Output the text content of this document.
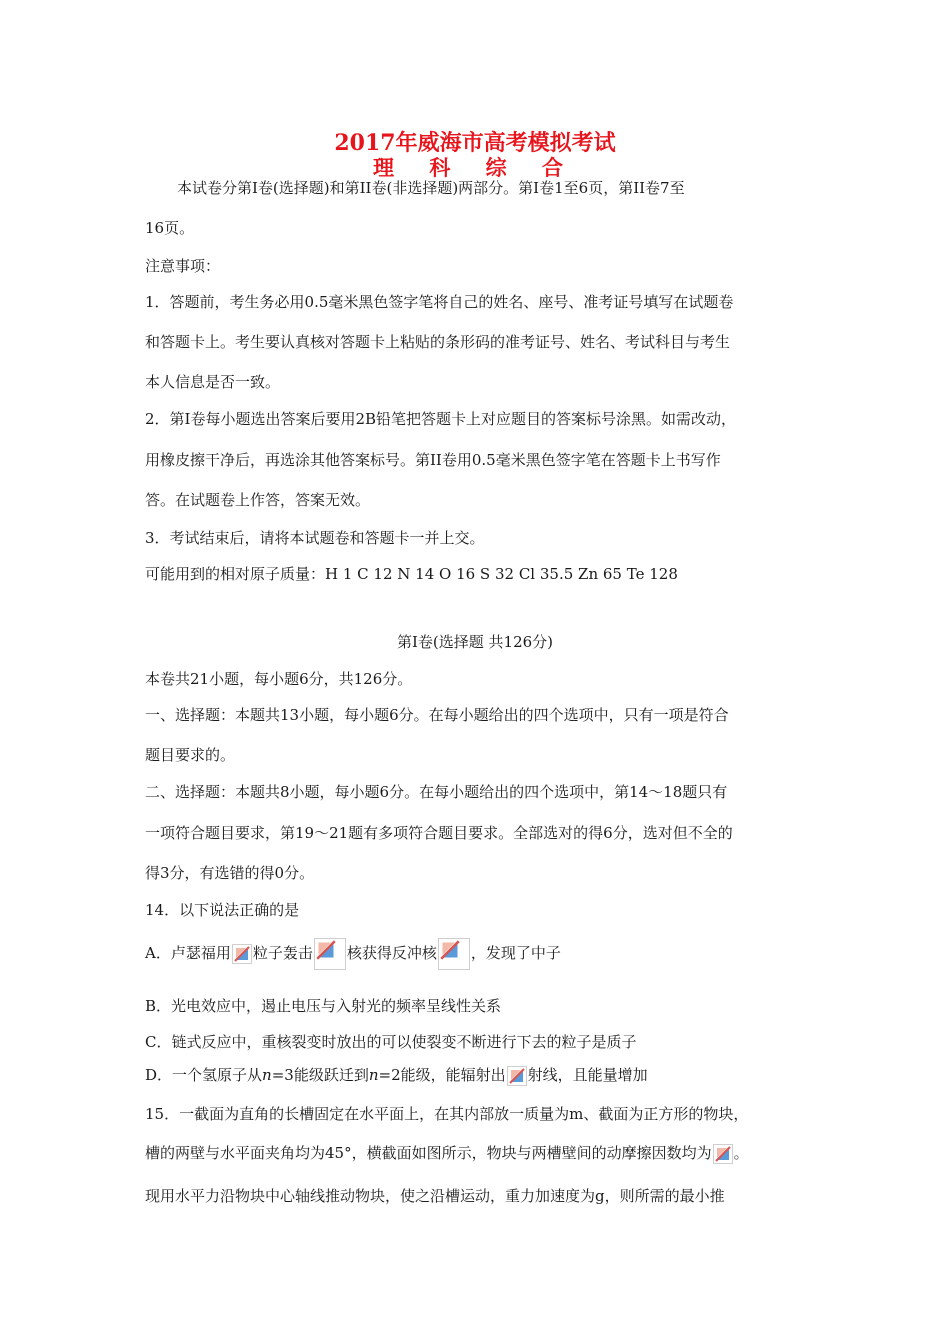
2017年威海市高考模拟考试
理 科 综 合
本试卷分第Ⅰ卷(选择题)和第II卷(非选择题)两部分。第Ⅰ卷1至6页，第II卷7至
16页。
注意事项：
1．答题前，考生务必用0.5毫米黑色签字笔将自己的姓名、座号、准考证号填写在试题卷
和答题卡上。考生要认真核对答题卡上粘贴的条形码的准考证号、姓名、考试科目与考生
本人信息是否一致。
2．第Ⅰ卷每小题选出答案后要用2B铅笔把答题卡上对应题目的答案标号涂黑。如需改动，
用橡皮擦干净后，再选涂其他答案标号。第II卷用0.5毫米黑色签字笔在答题卡上书写作
答。在试题卷上作答，答案无效。
3．考试结束后，请将本试题卷和答题卡一并上交。
可能用到的相对原子质量：H 1 C 12 N 14 O 16 S 32 Cl 35.5 Zn 65 Te 128
第Ⅰ卷(选择题 共126分)
本卷共21小题，每小题6分，共126分。
一、选择题：本题共13小题，每小题6分。在每小题给出的四个选项中，只有一项是符合
题目要求的。
二、选择题：本题共8小题，每小题6分。在每小题给出的四个选项中，第14～18题只有
一项符合题目要求，第19～21题有多项符合题目要求。全部选对的得6分，选对但不全的
得3分，有选错的得0分。
14．以下说法正确的是
A．卢瑟福用 粒子轰击 核获得反冲核 ，发现了中子
B．光电效应中，遏止电压与入射光的频率呈线性关系
C．链式反应中，重核裂变时放出的可以使裂变不断进行下去的粒子是质子
D．一个氢原子从n=3能级跃迁到n=2能级，能辐射出 射线，且能量增加
15．一截面为直角的长槽固定在水平面上，在其内部放一质量为m、截面为正方形的物块，
槽的两壁与水平面夹角均为45°，横截面如图所示，物块与两槽壁间的动摩擦因数均为 。
现用水平力沿物块中心轴线推动物块，使之沿槽运动，重力加速度为g，则所需的最小推
